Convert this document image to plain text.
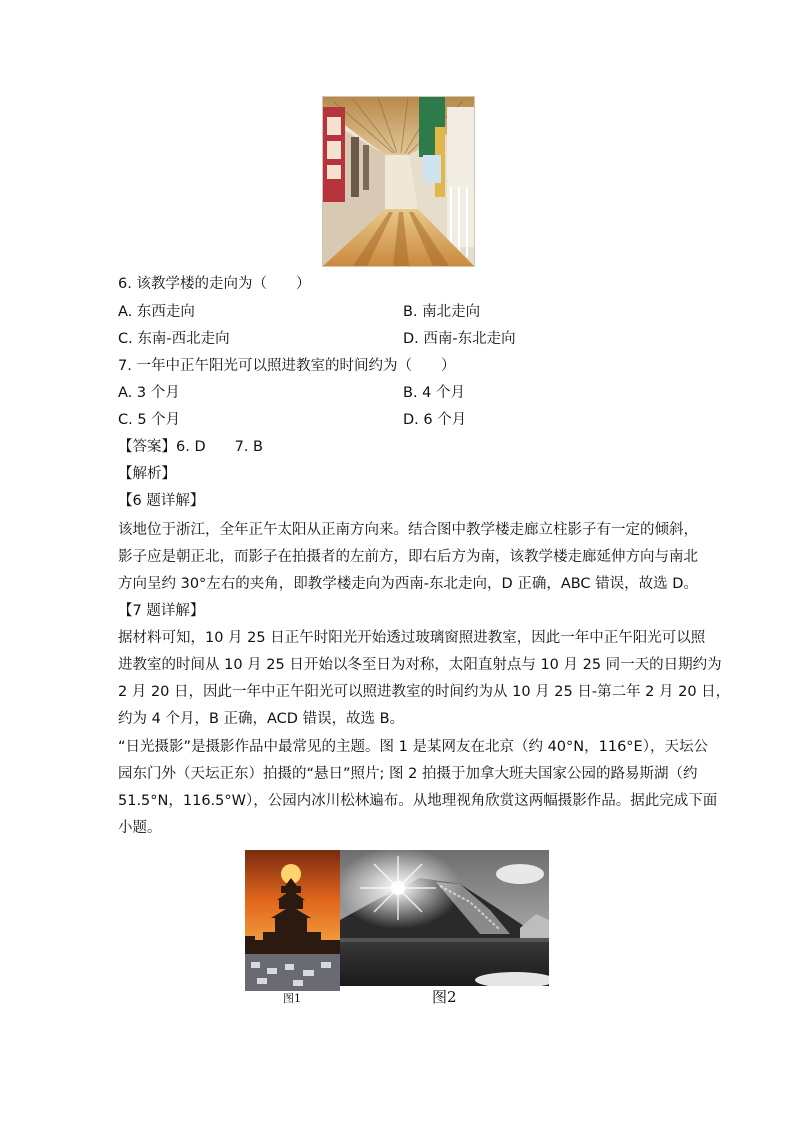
6. 该教学楼的走向为（　　）
A. 东西走向	B. 南北走向
C. 东南-西北走向	D. 西南-东北走向
7. 一年中正午阳光可以照进教室的时间约为（　　）
A. 3 个月	B. 4 个月
C. 5 个月	D. 6 个月
【答案】6. D　　7. B
【解析】
【6 题详解】
该地位于浙江，全年正午太阳从正南方向来。结合图中教学楼走廊立柱影子有一定的倾斜，
影子应是朝正北，而影子在拍摄者的左前方，即右后方为南，该教学楼走廊延伸方向与南北
方向呈约 30°左右的夹角，即教学楼走向为西南-东北走向，D 正确，ABC 错误，故选 D。
【7 题详解】
据材料可知，10 月 25 日正午时阳光开始透过玻璃窗照进教室，因此一年中正午阳光可以照
进教室的时间从 10 月 25 日开始以冬至日为对称，太阳直射点与 10 月 25 同一天的日期约为
2 月 20 日，因此一年中正午阳光可以照进教室的时间约为从 10 月 25 日-第二年 2 月 20 日，
约为 4 个月，B 正确，ACD 错误，故选 B。
“日光摄影”是摄影作品中最常见的主题。图 1 是某网友在北京（约 40°N，116°E），天坛公
园东门外（天坛正东）拍摄的“悬日”照片; 图 2 拍摄于加拿大班夫国家公园的路易斯湖（约
51.5°N，116.5°W），公园内冰川松林遍布。从地理视角欣赏这两幅摄影作品。据此完成下面
小题。
图1	图2
